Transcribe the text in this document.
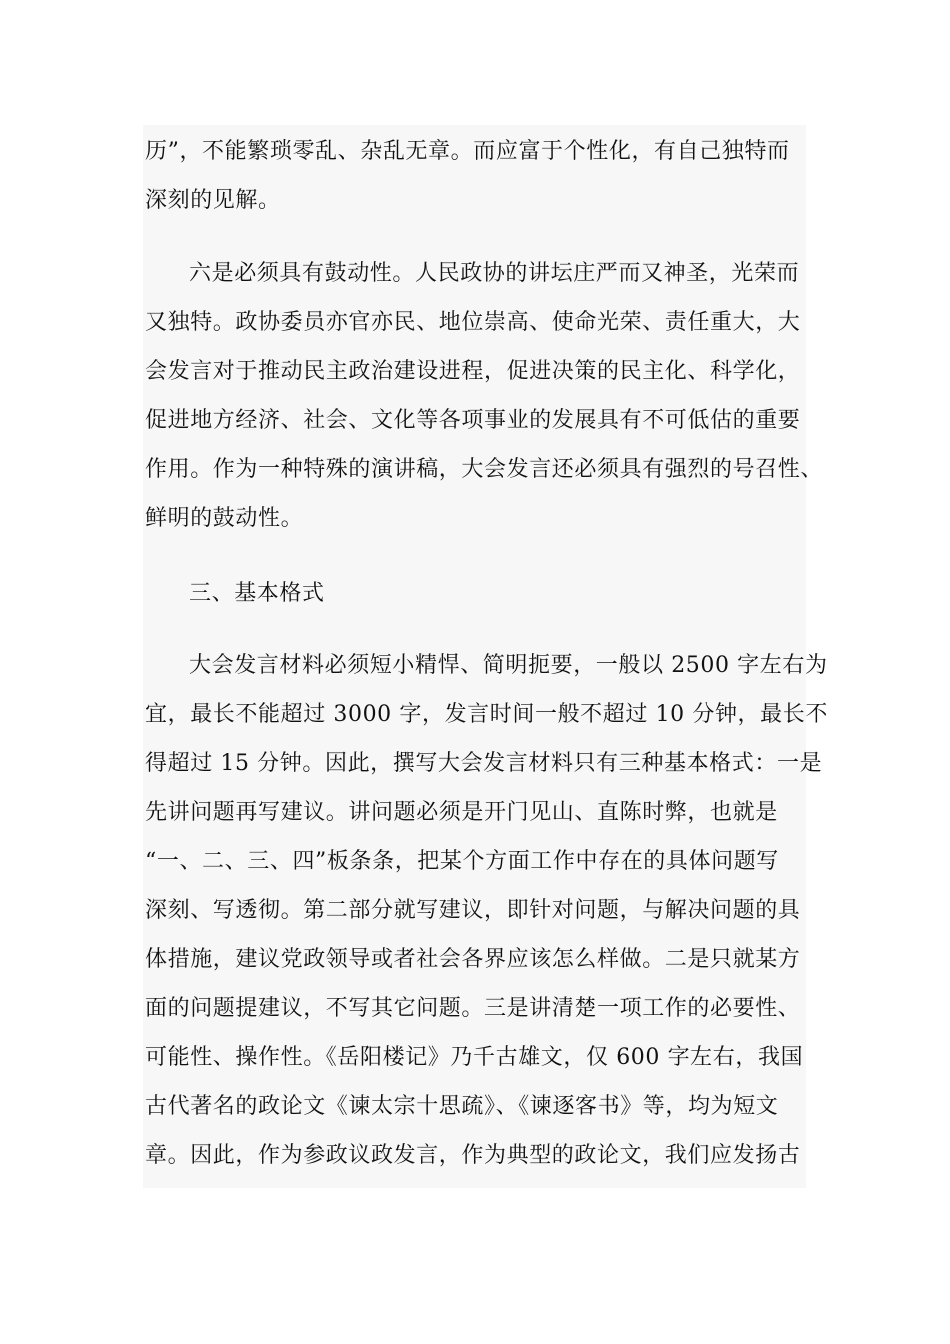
历”，不能繁琐零乱、杂乱无章。而应富于个性化，有自己独特而
深刻的见解。
六是必须具有鼓动性。人民政协的讲坛庄严而又神圣，光荣而
又独特。政协委员亦官亦民、地位崇高、使命光荣、责任重大，大
会发言对于推动民主政治建设进程，促进决策的民主化、科学化，
促进地方经济、社会、文化等各项事业的发展具有不可低估的重要
作用。作为一种特殊的演讲稿，大会发言还必须具有强烈的号召性、
鲜明的鼓动性。
三、基本格式
大会发言材料必须短小精悍、简明扼要，一般以 2500 字左右为
宜，最长不能超过 3000 字，发言时间一般不超过 10 分钟，最长不
得超过 15 分钟。因此，撰写大会发言材料只有三种基本格式：一是
先讲问题再写建议。讲问题必须是开门见山、直陈时弊，也就是
“一、二、三、四”板条条，把某个方面工作中存在的具体问题写
深刻、写透彻。第二部分就写建议，即针对问题，与解决问题的具
体措施，建议党政领导或者社会各界应该怎么样做。二是只就某方
面的问题提建议，不写其它问题。三是讲清楚一项工作的必要性、
可能性、操作性。《岳阳楼记》乃千古雄文，仅 600 字左右，我国
古代著名的政论文《谏太宗十思疏》、《谏逐客书》等，均为短文
章。因此，作为参政议政发言，作为典型的政论文，我们应发扬古
